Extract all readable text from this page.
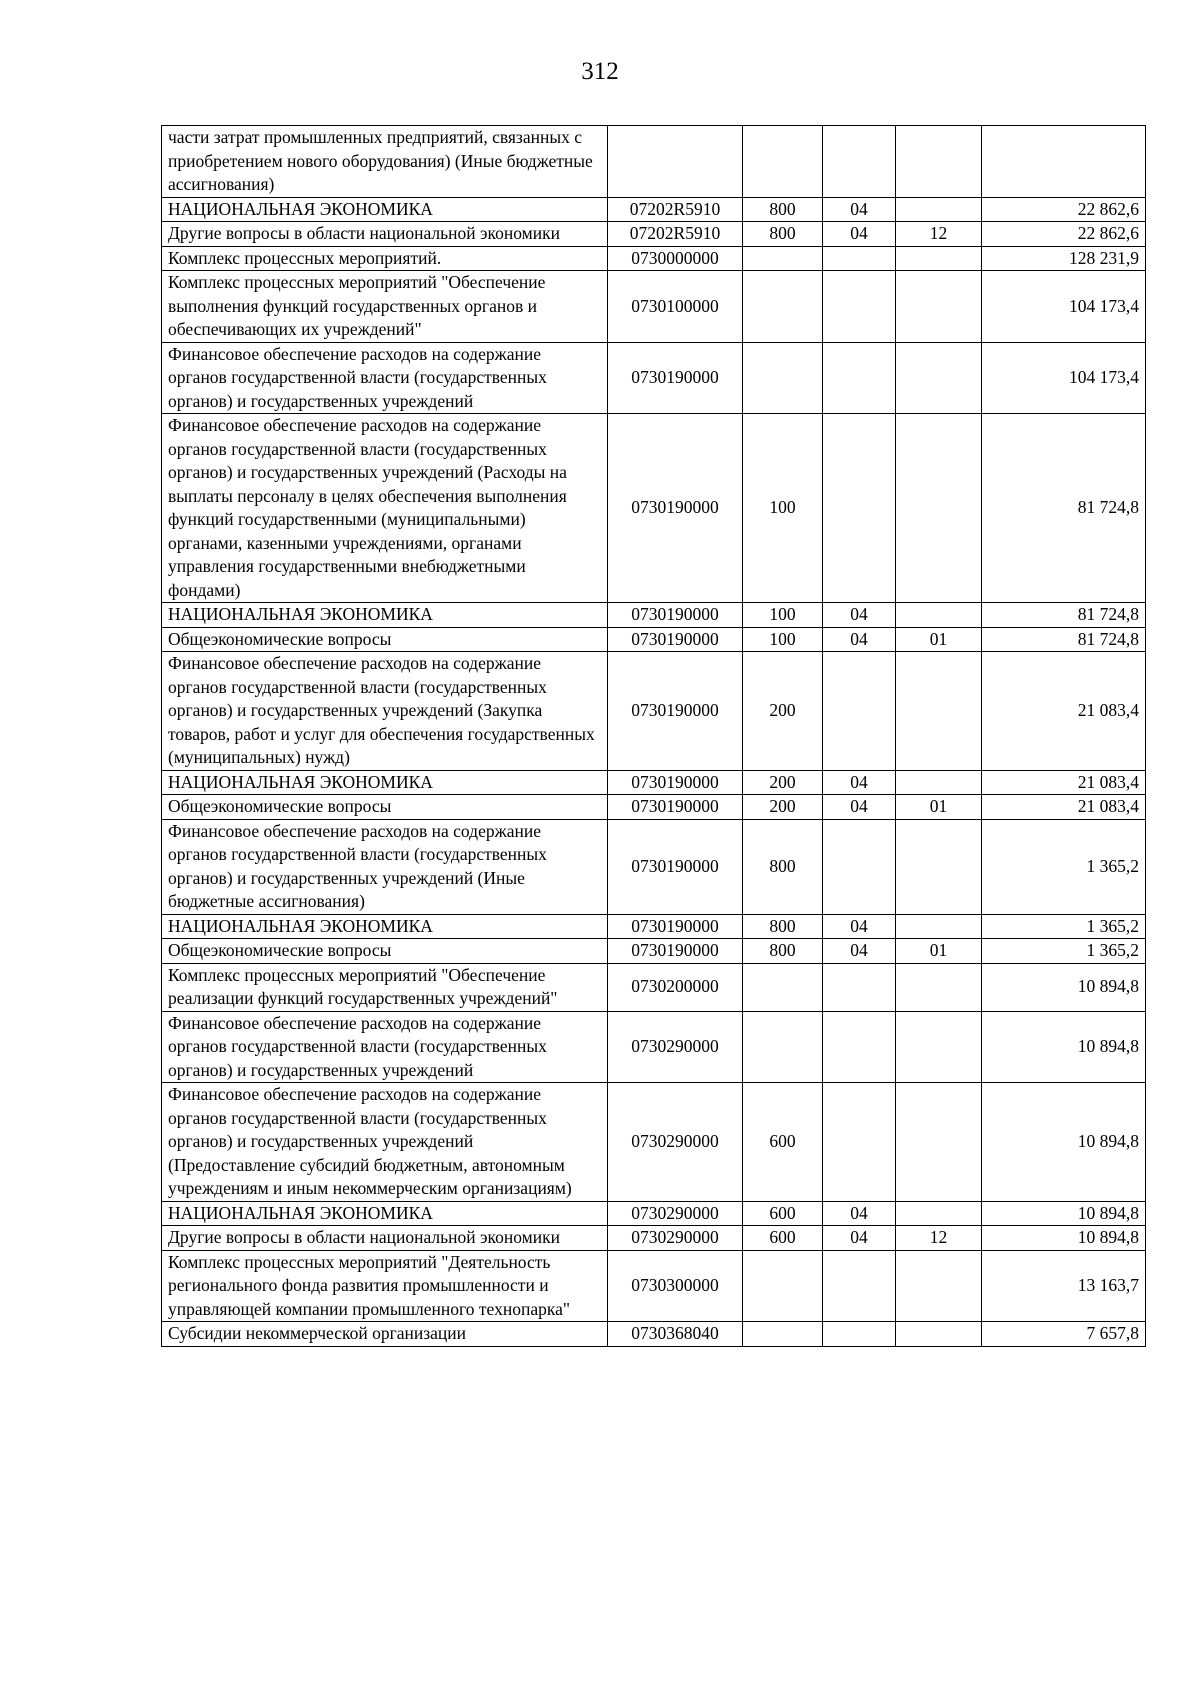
312
части затрат промышленных предприятий, связанных с приобретением нового оборудования) (Иные бюджетные ассигнования)					
НАЦИОНАЛЬНАЯ ЭКОНОМИКА	07202R5910	800	04		22 862,6
Другие вопросы в области национальной экономики	07202R5910	800	04	12	22 862,6
Комплекс процессных мероприятий.	0730000000				128 231,9
Комплекс процессных мероприятий "Обеспечение выполнения функций государственных органов и обеспечивающих их учреждений"	0730100000				104 173,4
Финансовое обеспечение расходов на содержание органов государственной власти (государственных органов) и государственных учреждений	0730190000				104 173,4
Финансовое обеспечение расходов на содержание органов государственной власти (государственных органов) и государственных учреждений (Расходы на выплаты персоналу в целях обеспечения выполнения функций государственными (муниципальными) органами, казенными учреждениями, органами управления государственными внебюджетными фондами)	0730190000	100			81 724,8
НАЦИОНАЛЬНАЯ ЭКОНОМИКА	0730190000	100	04		81 724,8
Общеэкономические вопросы	0730190000	100	04	01	81 724,8
Финансовое обеспечение расходов на содержание органов государственной власти (государственных органов) и государственных учреждений (Закупка товаров, работ и услуг для обеспечения государственных (муниципальных) нужд)	0730190000	200			21 083,4
НАЦИОНАЛЬНАЯ ЭКОНОМИКА	0730190000	200	04		21 083,4
Общеэкономические вопросы	0730190000	200	04	01	21 083,4
Финансовое обеспечение расходов на содержание органов государственной власти (государственных органов) и государственных учреждений (Иные бюджетные ассигнования)	0730190000	800			1 365,2
НАЦИОНАЛЬНАЯ ЭКОНОМИКА	0730190000	800	04		1 365,2
Общеэкономические вопросы	0730190000	800	04	01	1 365,2
Комплекс процессных мероприятий "Обеспечение реализации функций государственных учреждений"	0730200000				10 894,8
Финансовое обеспечение расходов на содержание органов государственной власти (государственных органов) и государственных учреждений	0730290000				10 894,8
Финансовое обеспечение расходов на содержание органов государственной власти (государственных органов) и государственных учреждений (Предоставление субсидий бюджетным, автономным учреждениям и иным некоммерческим организациям)	0730290000	600			10 894,8
НАЦИОНАЛЬНАЯ ЭКОНОМИКА	0730290000	600	04		10 894,8
Другие вопросы в области национальной экономики	0730290000	600	04	12	10 894,8
Комплекс процессных мероприятий "Деятельность регионального фонда развития промышленности и управляющей компании промышленного технопарка"	0730300000				13 163,7
Субсидии некоммерческой организации	0730368040				7 657,8
